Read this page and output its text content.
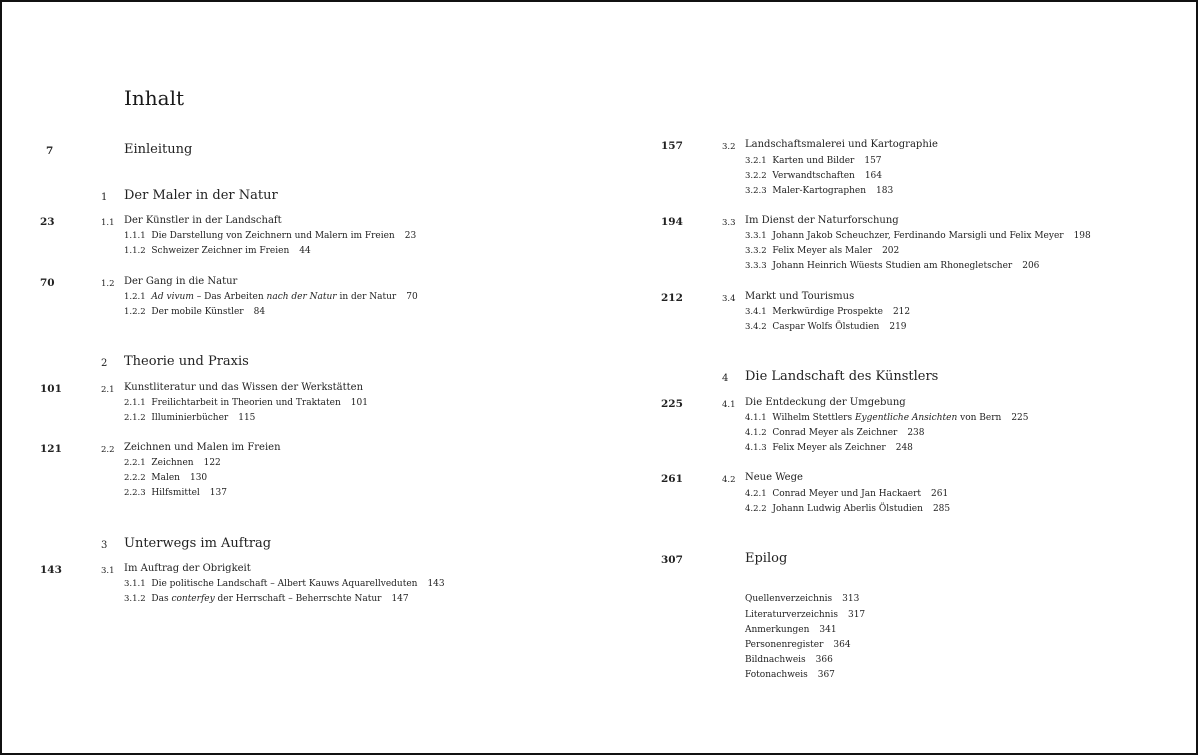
Inhalt
7	Einleitung
1 Der Maler in der Natur
23	1.1 Der Künstler in der Landschaft
1.1.1 Die Darstellung von Zeichnern und Malern im Freien 23
1.1.2 Schweizer Zeichner im Freien 44
70	1.2 Der Gang in die Natur
1.2.1 Ad vivum – Das Arbeiten nach der Natur in der Natur 70
1.2.2 Der mobile Künstler 84
2 Theorie und Praxis
101	2.1 Kunstliteratur und das Wissen der Werkstätten
2.1.1 Freilichtarbeit in Theorien und Traktaten 101
2.1.2 Illuminierbücher 115
121	2.2 Zeichnen und Malen im Freien
2.2.1 Zeichnen 122
2.2.2 Malen 130
2.2.3 Hilfsmittel 137
3 Unterwegs im Auftrag
143	3.1 Im Auftrag der Obrigkeit
3.1.1 Die politische Landschaft – Albert Kauws Aquarellveduten 143
3.1.2 Das conterfey der Herrschaft – Beherrschte Natur 147
157	3.2 Landschaftsmalerei und Kartographie
3.2.1 Karten und Bilder 157
3.2.2 Verwandtschaften 164
3.2.3 Maler-Kartographen 183
194	3.3 Im Dienst der Naturforschung
3.3.1 Johann Jakob Scheuchzer, Ferdinando Marsigli und Felix Meyer 198
3.3.2 Felix Meyer als Maler 202
3.3.3 Johann Heinrich Wüests Studien am Rhonegletscher 206
212	3.4 Markt und Tourismus
3.4.1 Merkwürdige Prospekte 212
3.4.2 Caspar Wolfs Ölstudien 219
4 Die Landschaft des Künstlers
225	4.1 Die Entdeckung der Umgebung
4.1.1 Wilhelm Stettlers Eygentliche Ansichten von Bern 225
4.1.2 Conrad Meyer als Zeichner 238
4.1.3 Felix Meyer als Zeichner 248
261	4.2 Neue Wege
4.2.1 Conrad Meyer und Jan Hackaert 261
4.2.2 Johann Ludwig Aberlis Ölstudien 285
307	Epilog
Quellenverzeichnis 313
Literaturverzeichnis 317
Anmerkungen 341
Personenregister 364
Bildnachweis 366
Fotonachweis 367
